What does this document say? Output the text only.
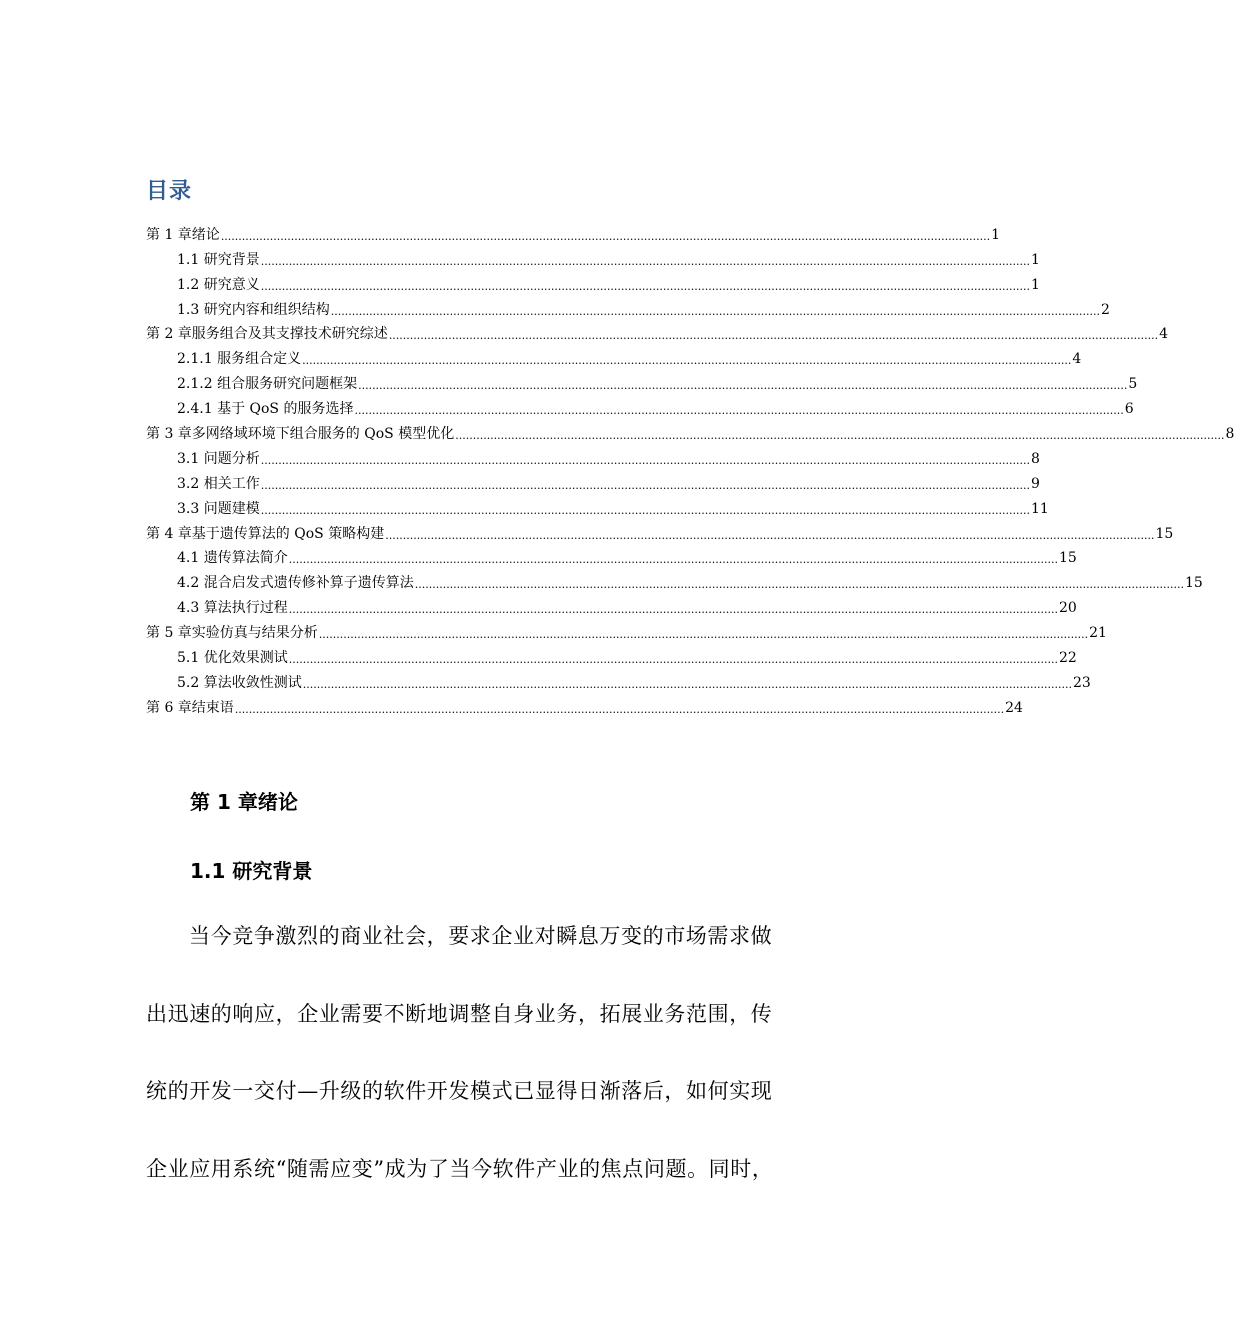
目录
第 1 章绪论 ............................................................................................................................................................................................................................ 1
1.1 研究背景 ............................................................................................................................................................................................................................ 1
1.2 研究意义 ............................................................................................................................................................................................................................ 1
1.3 研究内容和组织结构 ............................................................................................................................................................................................................................ 2
第 2 章服务组合及其支撑技术研究综述 ............................................................................................................................................................................................................................ 4
2.1.1 服务组合定义 ............................................................................................................................................................................................................................ 4
2.1.2 组合服务研究问题框架 ............................................................................................................................................................................................................................ 5
2.4.1 基于 QoS 的服务选择 ............................................................................................................................................................................................................................ 6
第 3 章多网络域环境下组合服务的 QoS 模型优化 ............................................................................................................................................................................................................................ 8
3.1 问题分析 ............................................................................................................................................................................................................................ 8
3.2 相关工作 ............................................................................................................................................................................................................................ 9
3.3 问题建模 ............................................................................................................................................................................................................................ 11
第 4 章基于遗传算法的 QoS 策略构建 ............................................................................................................................................................................................................................ 15
4.1 遗传算法简介 ............................................................................................................................................................................................................................ 15
4.2 混合启发式遗传修补算子遗传算法 ............................................................................................................................................................................................................................ 15
4.3 算法执行过程 ............................................................................................................................................................................................................................ 20
第 5 章实验仿真与结果分析 ............................................................................................................................................................................................................................ 21
5.1 优化效果测试 ............................................................................................................................................................................................................................ 22
5.2 算法收敛性测试 ............................................................................................................................................................................................................................ 23
第 6 章结束语 ............................................................................................................................................................................................................................ 24
第 1 章绪论
1.1 研究背景
当今竞争激烈的商业社会，要求企业对瞬息万变的市场需求做
出迅速的响应，企业需要不断地调整自身业务，拓展业务范围，传
统的开发一交付—升级的软件开发模式已显得日渐落后，如何实现
企业应用系统“随需应变”成为了当今软件产业的焦点问题。同时，
